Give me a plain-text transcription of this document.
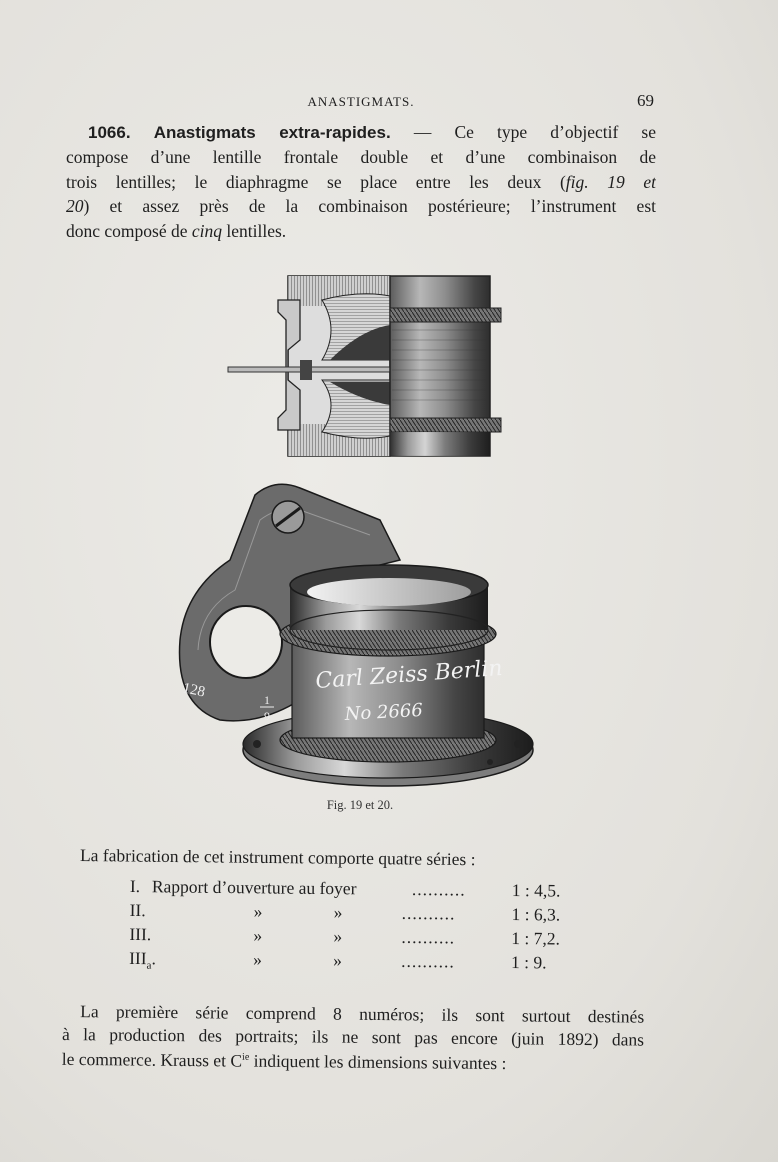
ANASTIGMATS.	69
1066. Anastigmats extra-rapides. — Ce type d’objectif se
compose d’une lentille frontale double et d’une combinaison de
trois lentilles; le diaphragme se place entre les deux (fig. 19 et
20) et assez près de la combinaison postérieure; l’instrument est
donc composé de cinq lentilles.
128	1
9
Carl Zeiss Berlin
No 2666
Fig. 19 et 20.
La fabrication de cet instrument comporte quatre séries :
I. Rapport d’ouverture au foyer	..........	1 : 4,5.
II.	»	»	..........	1 : 6,3.
III.	»	»	..........	1 : 7,2.
$III_a$.	»	»	..........	1 : 9.
La première série comprend 8 numéros; ils sont surtout destinés
à la production des portraits; ils ne sont pas encore (juin 1892) dans
le commerce. Krauss et $C^{ie}$ indiquent les dimensions suivantes :
